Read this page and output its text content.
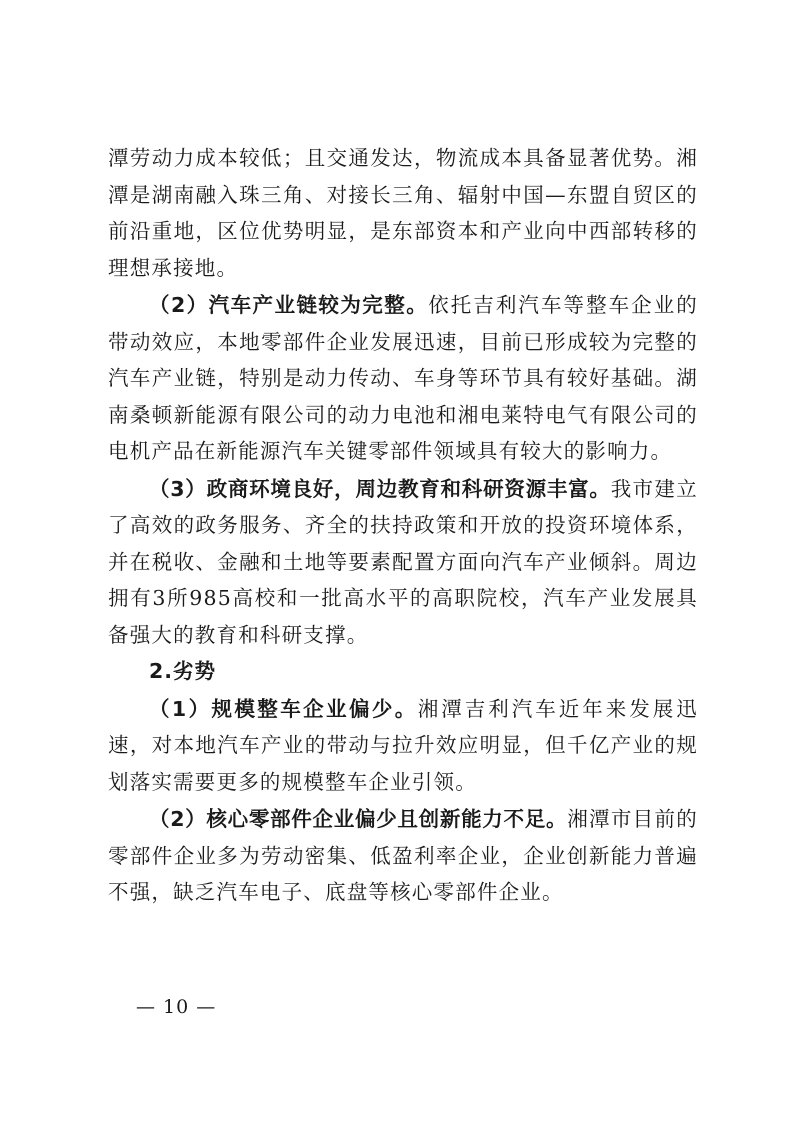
潭劳动力成本较低；且交通发达，物流成本具备显著优势。湘潭是湖南融入珠三角、对接长三角、辐射中国—东盟自贸区的前沿重地，区位优势明显，是东部资本和产业向中西部转移的理想承接地。

（2）汽车产业链较为完整。依托吉利汽车等整车企业的带动效应，本地零部件企业发展迅速，目前已形成较为完整的汽车产业链，特别是动力传动、车身等环节具有较好基础。湖南桑顿新能源有限公司的动力电池和湘电莱特电气有限公司的电机产品在新能源汽车关键零部件领域具有较大的影响力。

（3）政商环境良好，周边教育和科研资源丰富。我市建立了高效的政务服务、齐全的扶持政策和开放的投资环境体系，并在税收、金融和土地等要素配置方面向汽车产业倾斜。周边拥有3所985高校和一批高水平的高职院校，汽车产业发展具备强大的教育和科研支撑。

2.劣势

（1）规模整车企业偏少。湘潭吉利汽车近年来发展迅速，对本地汽车产业的带动与拉升效应明显，但千亿产业的规划落实需要更多的规模整车企业引领。

（2）核心零部件企业偏少且创新能力不足。湘潭市目前的零部件企业多为劳动密集、低盈利率企业，企业创新能力普遍不强，缺乏汽车电子、底盘等核心零部件企业。

— 10 —
